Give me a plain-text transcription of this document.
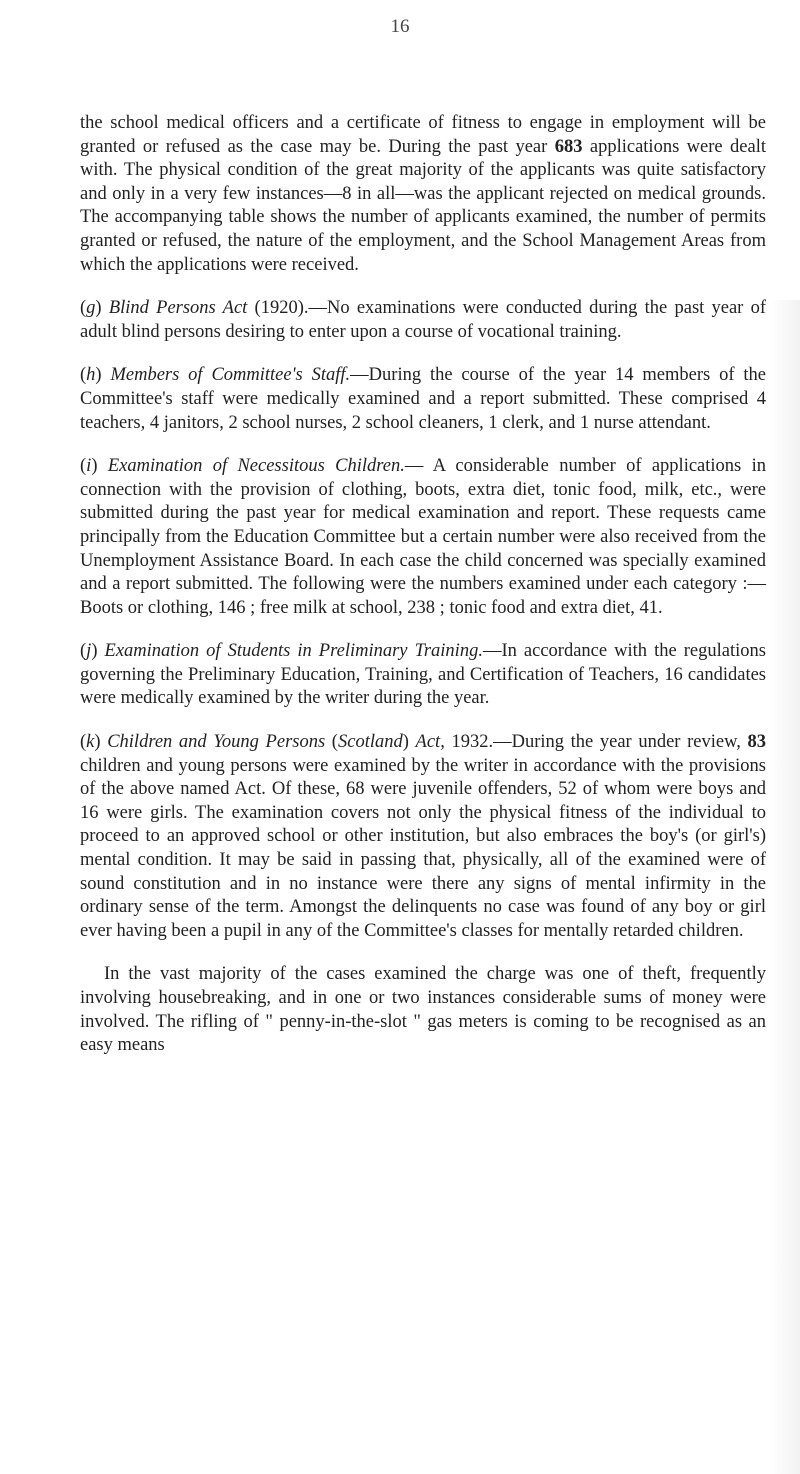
16

the school medical officers and a certificate of fitness to engage in employment will be granted or refused as the case may be. During the past year 683 applications were dealt with. The physical condition of the great majority of the applicants was quite satisfactory and only in a very few instances—8 in all—was the applicant rejected on medical grounds. The accompanying table shows the number of applicants examined, the number of permits granted or refused, the nature of the employment, and the School Management Areas from which the applications were received.

(g) Blind Persons Act (1920).—No examinations were conducted during the past year of adult blind persons desiring to enter upon a course of vocational training.

(h) Members of Committee's Staff.—During the course of the year 14 members of the Committee's staff were medically examined and a report submitted. These comprised 4 teachers, 4 janitors, 2 school nurses, 2 school cleaners, 1 clerk, and 1 nurse attendant.

(i) Examination of Necessitous Children.— A considerable number of applications in connection with the provision of clothing, boots, extra diet, tonic food, milk, etc., were submitted during the past year for medical examination and report. These requests came principally from the Education Committee but a certain number were also received from the Unemployment Assistance Board. In each case the child concerned was specially examined and a report submitted. The following were the numbers examined under each category :—Boots or clothing, 146 ; free milk at school, 238 ; tonic food and extra diet, 41.

(j) Examination of Students in Preliminary Training.—In accordance with the regulations governing the Preliminary Education, Training, and Certification of Teachers, 16 candidates were medically examined by the writer during the year.

(k) Children and Young Persons (Scotland) Act, 1932.—During the year under review, 83 children and young persons were examined by the writer in accordance with the provisions of the above named Act. Of these, 68 were juvenile offenders, 52 of whom were boys and 16 were girls. The examination covers not only the physical fitness of the individual to proceed to an approved school or other institution, but also embraces the boy's (or girl's) mental condition. It may be said in passing that, physically, all of the examined were of sound constitution and in no instance were there any signs of mental infirmity in the ordinary sense of the term. Amongst the delinquents no case was found of any boy or girl ever having been a pupil in any of the Committee's classes for mentally retarded children.

In the vast majority of the cases examined the charge was one of theft, frequently involving housebreaking, and in one or two instances considerable sums of money were involved. The rifling of " penny-in-the-slot " gas meters is coming to be recognised as an easy means
